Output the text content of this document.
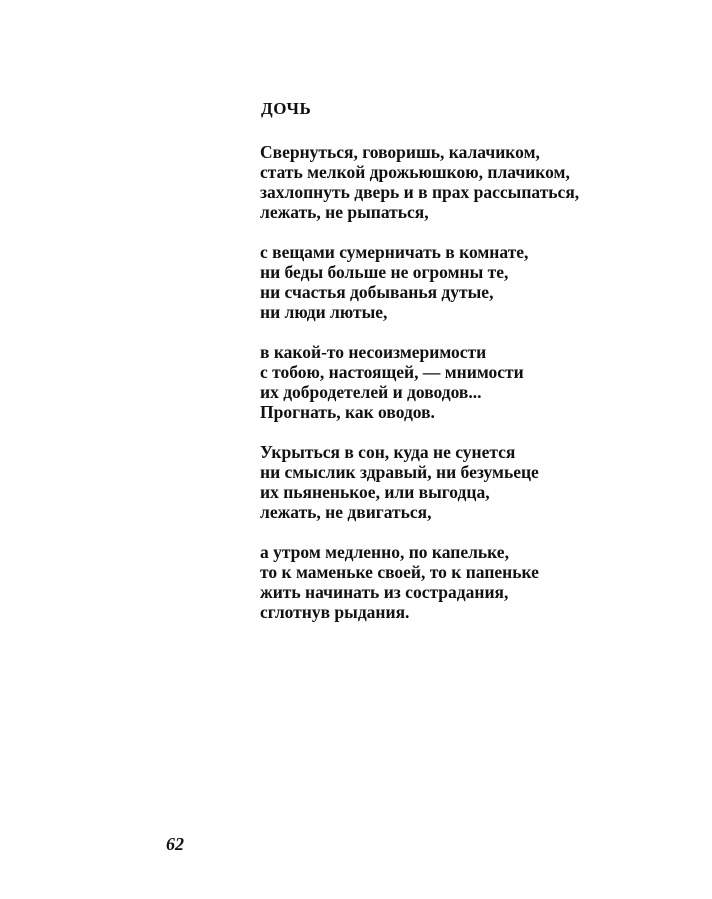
ДОЧЬ
Свернуться, говоришь, калачиком,
стать мелкой дрожьюшкою, плачиком,
захлопнуть дверь и в прах рассыпаться,
лежать, не рыпаться,
с вещами сумерничать в комнате,
ни беды больше не огромны те,
ни счастья добыванья дутые,
ни люди лютые,
в какой-то несоизмеримости
с тобою, настоящей, — мнимости
их добродетелей и доводов...
Прогнать, как оводов.
Укрыться в сон, куда не сунется
ни смыслик здравый, ни безумьеце
их пьяненькое, или выгодца,
лежать, не двигаться,
а утром медленно, по капельке,
то к маменьке своей, то к папеньке
жить начинать из сострадания,
сглотнув рыдания.
62
